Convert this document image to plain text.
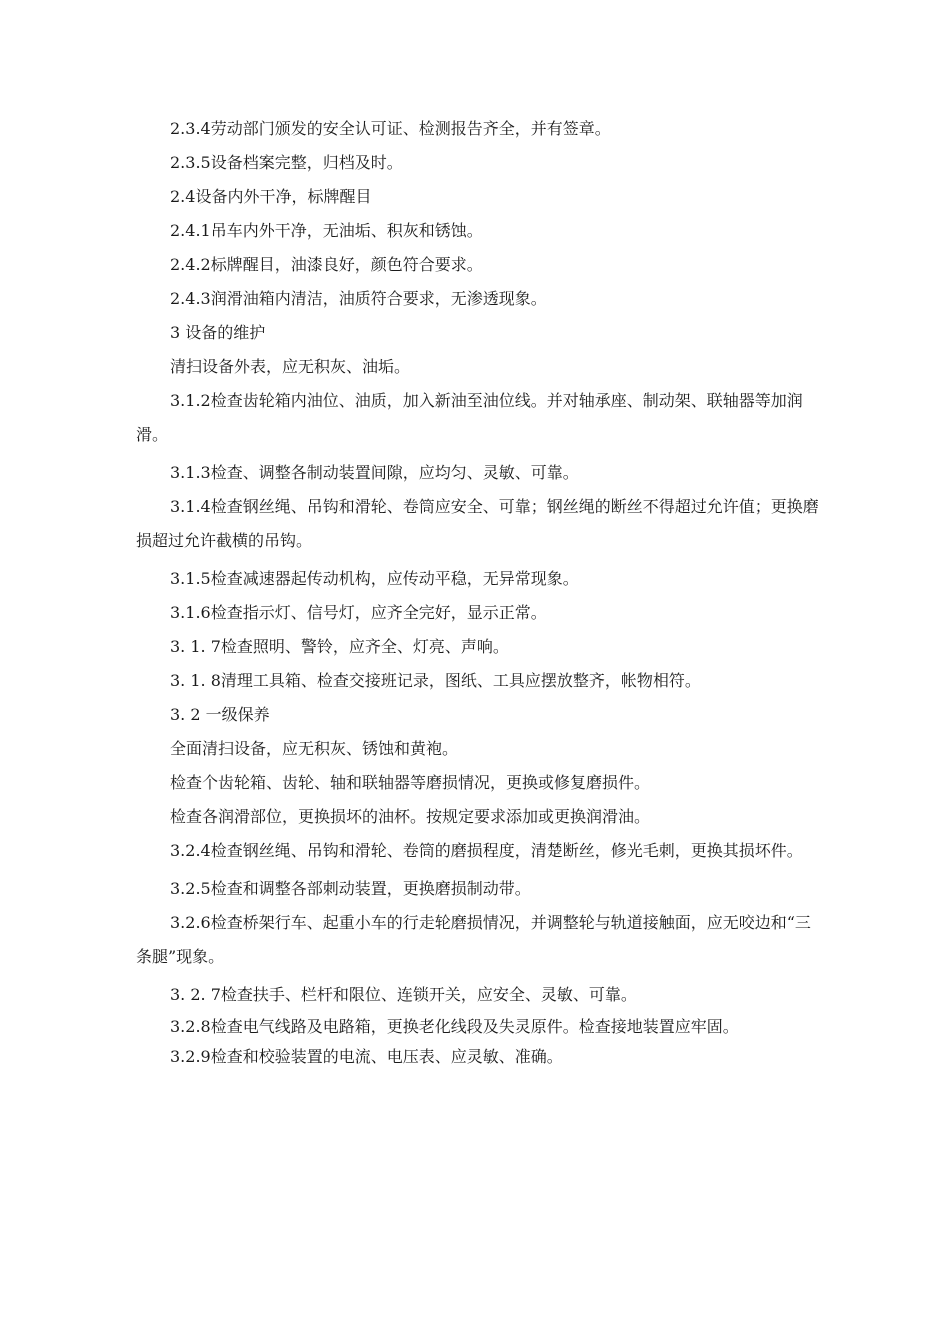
2.3.4劳动部门颁发的安全认可证、检测报告齐全，并有签章。

2.3.5设备档案完整，归档及时。

2.4设备内外干净，标牌醒目

2.4.1吊车内外干净，无油垢、积灰和锈蚀。

2.4.2标牌醒目，油漆良好，颜色符合要求。

2.4.3润滑油箱内清洁，油质符合要求，无渗透现象。

3 设备的维护

清扫设备外表，应无积灰、油垢。

3.1.2检查齿轮箱内油位、油质，加入新油至油位线。并对轴承座、制动架、联轴器等加润滑。

3.1.3检查、调整各制动装置间隙，应均匀、灵敏、可靠。

3.1.4检查钢丝绳、吊钩和滑轮、卷筒应安全、可靠；钢丝绳的断丝不得超过允许值；更换磨损超过允许截横的吊钩。

3.1.5检查减速器起传动机构，应传动平稳，无异常现象。

3.1.6检查指示灯、信号灯，应齐全完好，显示正常。

3. 1. 7检查照明、警铃，应齐全、灯亮、声响。

3. 1. 8清理工具箱、检查交接班记录，图纸、工具应摆放整齐，帐物相符。

3. 2 一级保养

全面清扫设备，应无积灰、锈蚀和黄袍。

检查个齿轮箱、齿轮、轴和联轴器等磨损情况，更换或修复磨损件。

检查各润滑部位，更换损坏的油杯。按规定要求添加或更换润滑油。

3.2.4检查钢丝绳、吊钩和滑轮、卷筒的磨损程度，清楚断丝，修光毛刺，更换其损坏件。

3.2.5检查和调整各部刺动装置，更换磨损制动带。

3.2.6检查桥架行车、起重小车的行走轮磨损情况，并调整轮与轨道接触面，应无咬边和“三条腿”现象。

3. 2. 7检查扶手、栏杆和限位、连锁开关，应安全、灵敏、可靠。

3.2.8检查电气线路及电路箱，更换老化线段及失灵原件。检查接地装置应牢固。

3.2.9检查和校验装置的电流、电压表、应灵敏、准确。
